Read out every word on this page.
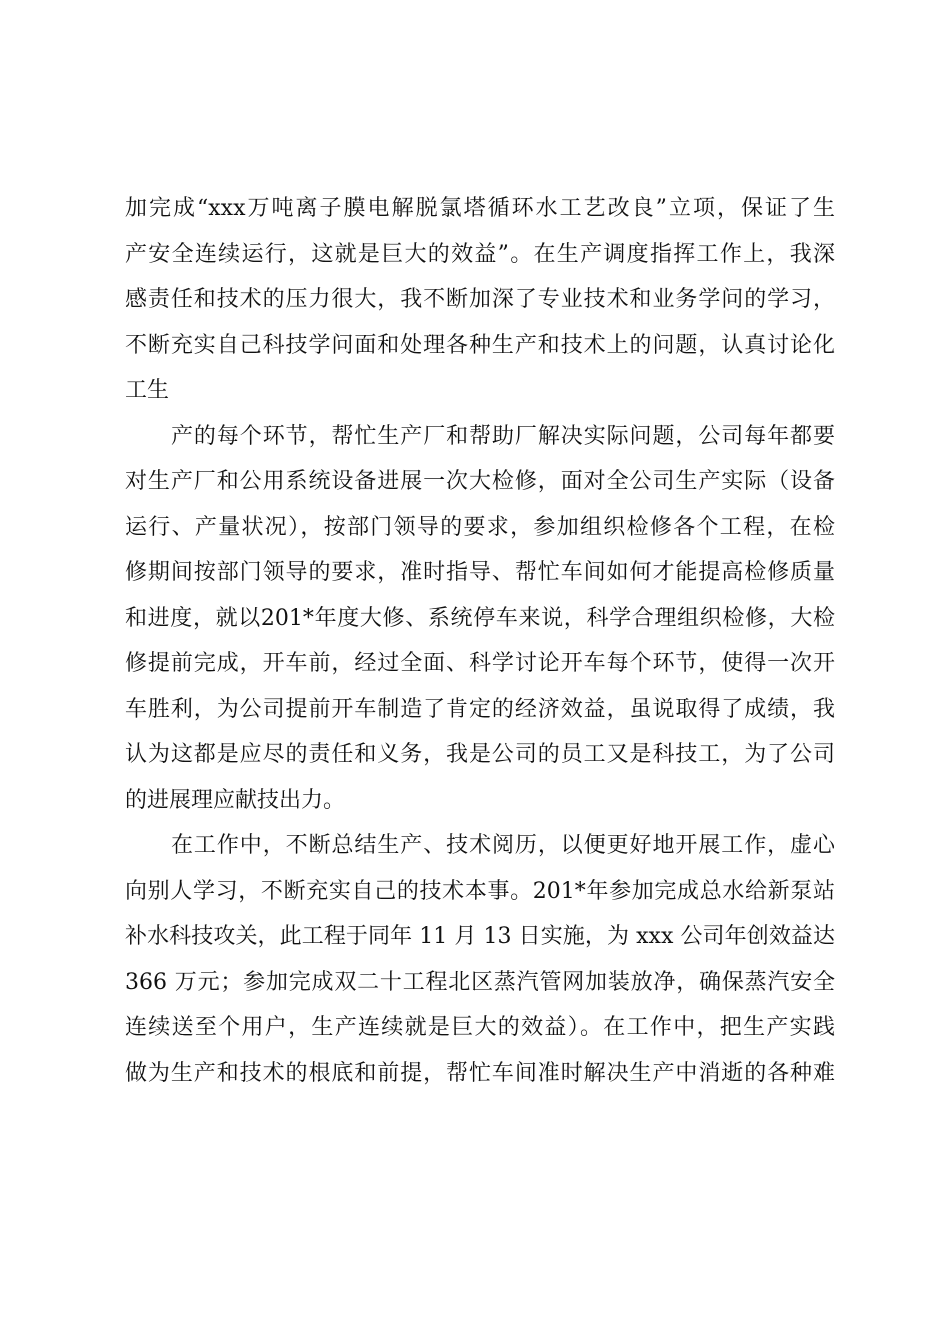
加完成“xxx万吨离子膜电解脱氯塔循环水工艺改良”立项，保证了生
产安全连续运行，这就是巨大的效益”。在生产调度指挥工作上，我深
感责任和技术的压力很大，我不断加深了专业技术和业务学问的学习，
不断充实自己科技学问面和处理各种生产和技术上的问题，认真讨论化
工生
产的每个环节，帮忙生产厂和帮助厂解决实际问题，公司每年都要
对生产厂和公用系统设备进展一次大检修，面对全公司生产实际（设备
运行、产量状况），按部门领导的要求，参加组织检修各个工程，在检
修期间按部门领导的要求，准时指导、帮忙车间如何才能提高检修质量
和进度，就以201*年度大修、系统停车来说，科学合理组织检修，大检
修提前完成，开车前，经过全面、科学讨论开车每个环节，使得一次开
车胜利，为公司提前开车制造了肯定的经济效益，虽说取得了成绩，我
认为这都是应尽的责任和义务，我是公司的员工又是科技工，为了公司
的进展理应献技出力。
在工作中，不断总结生产、技术阅历，以便更好地开展工作，虚心
向别人学习，不断充实自己的技术本事。201*年参加完成总水给新泵站
补水科技攻关，此工程于同年 11 月 13 日实施，为 xxx 公司年创效益达
366 万元；参加完成双二十工程北区蒸汽管网加装放净，确保蒸汽安全
连续送至个用户，生产连续就是巨大的效益）。在工作中，把生产实践
做为生产和技术的根底和前提，帮忙车间准时解决生产中消逝的各种难
